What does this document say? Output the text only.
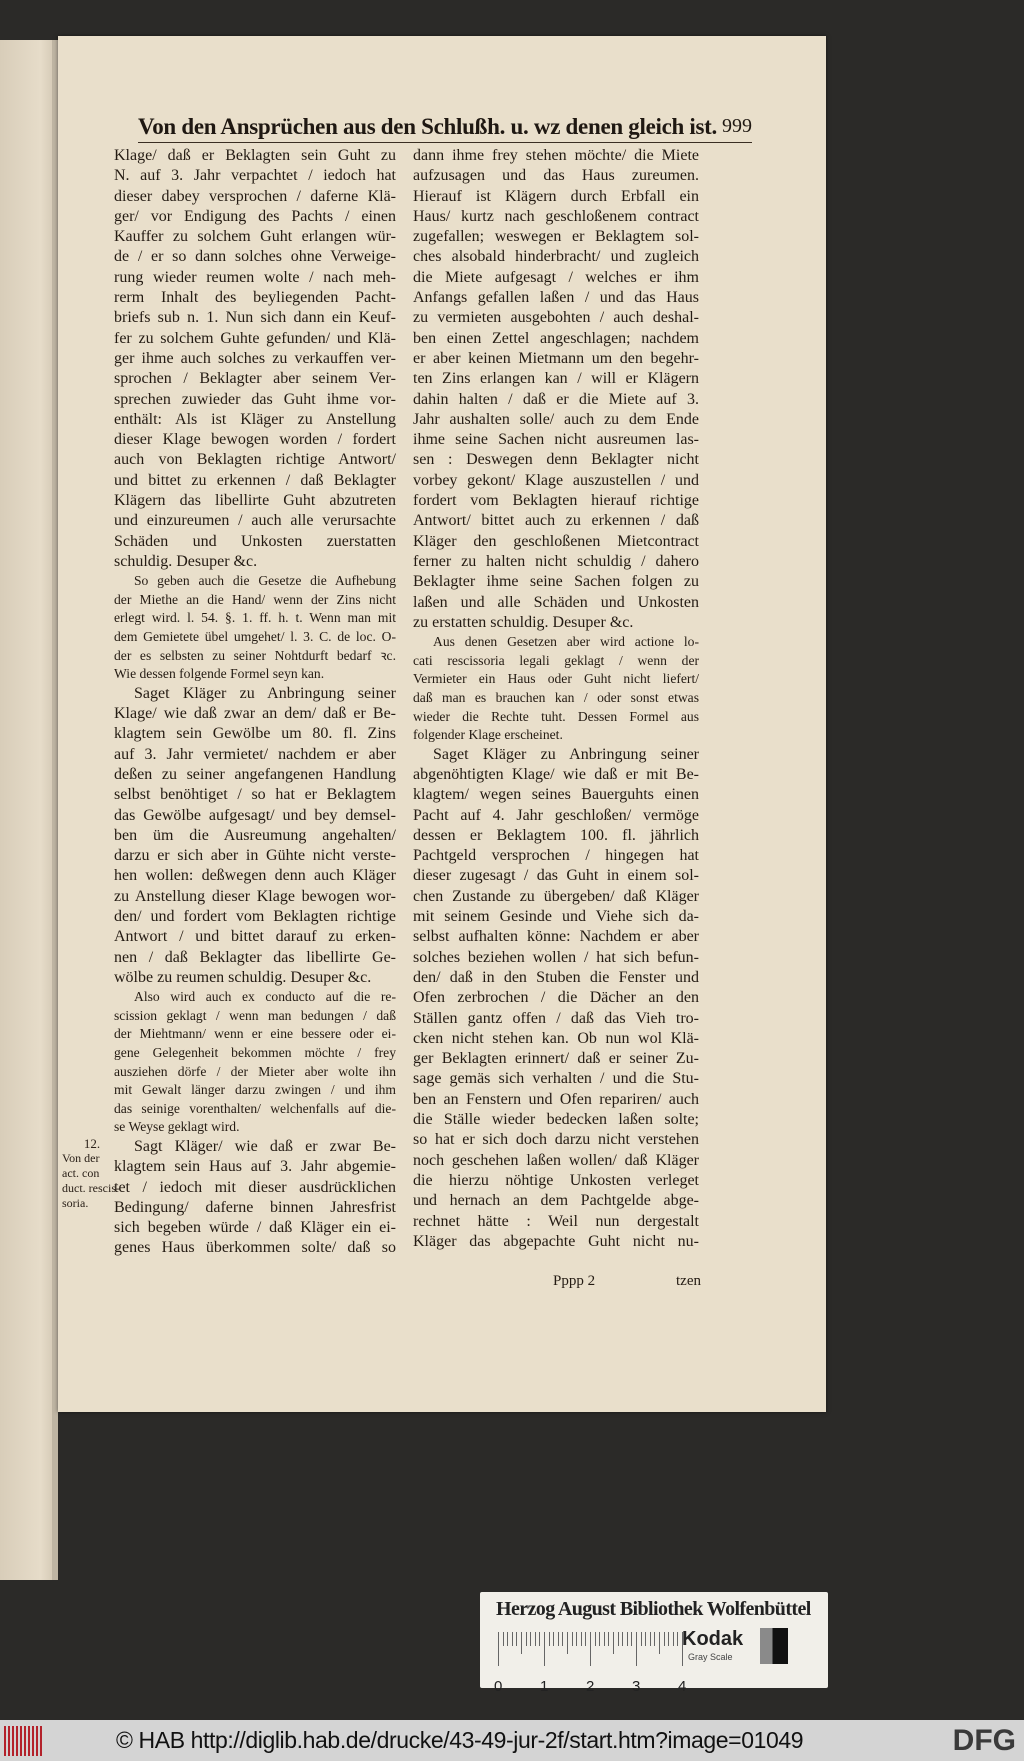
Von den Ansprüchen aus den Schlußh. u. wz denen gleich ist. 999
Klage/ daß er Beklagten sein Guht zu
N. auf 3. Jahr verpachtet / iedoch hat
dieser dabey versprochen / daferne Klä-
ger/ vor Endigung des Pachts / einen
Kauffer zu solchem Guht erlangen wür-
de / er so dann solches ohne Verweige-
rung wieder reumen wolte / nach meh-
rerm Inhalt des beyliegenden Pacht-
briefs sub n. 1. Nun sich dann ein Keuf-
fer zu solchem Guhte gefunden/ und Klä-
ger ihme auch solches zu verkauffen ver-
sprochen / Beklagter aber seinem Ver-
sprechen zuwieder das Guht ihme vor-
enthält: Als ist Kläger zu Anstellung
dieser Klage bewogen worden / fordert
auch von Beklagten richtige Antwort/
und bittet zu erkennen / daß Beklagter
Klägern das libellirte Guht abzutreten
und einzureumen / auch alle verursachte
Schäden und Unkosten zuerstatten
schuldig. Desuper &c.
So geben auch die Gesetze die Aufhebung
der Miethe an die Hand/ wenn der Zins nicht
erlegt wird. l. 54. §. 1. ff. h. t. Wenn man mit
dem Gemietete übel umgehet/ l. 3. C. de loc. O-
der es selbsten zu seiner Nohtdurft bedarf ꝛc.
Wie dessen folgende Formel seyn kan.
Saget Kläger zu Anbringung seiner
Klage/ wie daß zwar an dem/ daß er Be-
klagtem sein Gewölbe um 80. fl. Zins
auf 3. Jahr vermietet/ nachdem er aber
deßen zu seiner angefangenen Handlung
selbst benöhtiget / so hat er Beklagtem
das Gewölbe aufgesagt/ und bey demsel-
ben üm die Ausreumung angehalten/
darzu er sich aber in Gühte nicht verste-
hen wollen: deßwegen denn auch Kläger
zu Anstellung dieser Klage bewogen wor-
den/ und fordert vom Beklagten richtige
Antwort / und bittet darauf zu erken-
nen / daß Beklagter das libellirte Ge-
wölbe zu reumen schuldig. Desuper &c.
Also wird auch ex conducto auf die re-
scission geklagt / wenn man bedungen / daß
der Miehtmann/ wenn er eine bessere oder ei-
gene Gelegenheit bekommen möchte / frey
ausziehen dörfe / der Mieter aber wolte ihn
mit Gewalt länger darzu zwingen / und ihm
das seinige vorenthalten/ welchenfalls auf die-
se Weyse geklagt wird.
Sagt Kläger/ wie daß er zwar Be-
klagtem sein Haus auf 3. Jahr abgemie-
tet / iedoch mit dieser ausdrücklichen
Bedingung/ daferne binnen Jahresfrist
sich begeben würde / daß Kläger ein ei-
genes Haus überkommen solte/ daß so
dann ihme frey stehen möchte/ die Miete
aufzusagen und das Haus zureumen.
Hierauf ist Klägern durch Erbfall ein
Haus/ kurtz nach geschloßenem contract
zugefallen; weswegen er Beklagtem sol-
ches alsobald hinderbracht/ und zugleich
die Miete aufgesagt / welches er ihm
Anfangs gefallen laßen / und das Haus
zu vermieten ausgebohten / auch deshal-
ben einen Zettel angeschlagen; nachdem
er aber keinen Mietmann um den begehr-
ten Zins erlangen kan / will er Klägern
dahin halten / daß er die Miete auf 3.
Jahr aushalten solle/ auch zu dem Ende
ihme seine Sachen nicht ausreumen las-
sen : Deswegen denn Beklagter nicht
vorbey gekont/ Klage auszustellen / und
fordert vom Beklagten hierauf richtige
Antwort/ bittet auch zu erkennen / daß
Kläger den geschloßenen Mietcontract
ferner zu halten nicht schuldig / dahero
Beklagter ihme seine Sachen folgen zu
laßen und alle Schäden und Unkosten
zu erstatten schuldig. Desuper &c.
Aus denen Gesetzen aber wird actione lo-
cati rescissoria legali geklagt / wenn der
Vermieter ein Haus oder Guht nicht liefert/
daß man es brauchen kan / oder sonst etwas
wieder die Rechte tuht. Dessen Formel aus
folgender Klage erscheinet.
Saget Kläger zu Anbringung seiner
abgenöhtigten Klage/ wie daß er mit Be-
klagtem/ wegen seines Bauerguhts einen
Pacht auf 4. Jahr geschloßen/ vermöge
dessen er Beklagtem 100. fl. jährlich
Pachtgeld versprochen / hingegen hat
dieser zugesagt / das Guht in einem sol-
chen Zustande zu übergeben/ daß Kläger
mit seinem Gesinde und Viehe sich da-
selbst aufhalten könne: Nachdem er aber
solches beziehen wollen / hat sich befun-
den/ daß in den Stuben die Fenster und
Ofen zerbrochen / die Dächer an den
Ställen gantz offen / daß das Vieh tro-
cken nicht stehen kan. Ob nun wol Klä-
ger Beklagten erinnert/ daß er seiner Zu-
sage gemäs sich verhalten / und die Stu-
ben an Fenstern und Ofen repariren/ auch
die Ställe wieder bedecken laßen solte;
so hat er sich doch darzu nicht verstehen
noch geschehen laßen wollen/ daß Kläger
die hierzu nöhtige Unkosten verleget
und hernach an dem Pachtgelde abge-
rechnet hätte : Weil nun dergestalt
Kläger das abgepachte Guht nicht nu-
12.
Von der
act. con
duct. rescis-
soria.
Pppp 2	tzen
Herzog August Bibliothek Wolfenbüttel
0	1	2	3	4
Kodak
Gray Scale
© HAB http://diglib.hab.de/drucke/43-49-jur-2f/start.htm?image=01049	DFG
